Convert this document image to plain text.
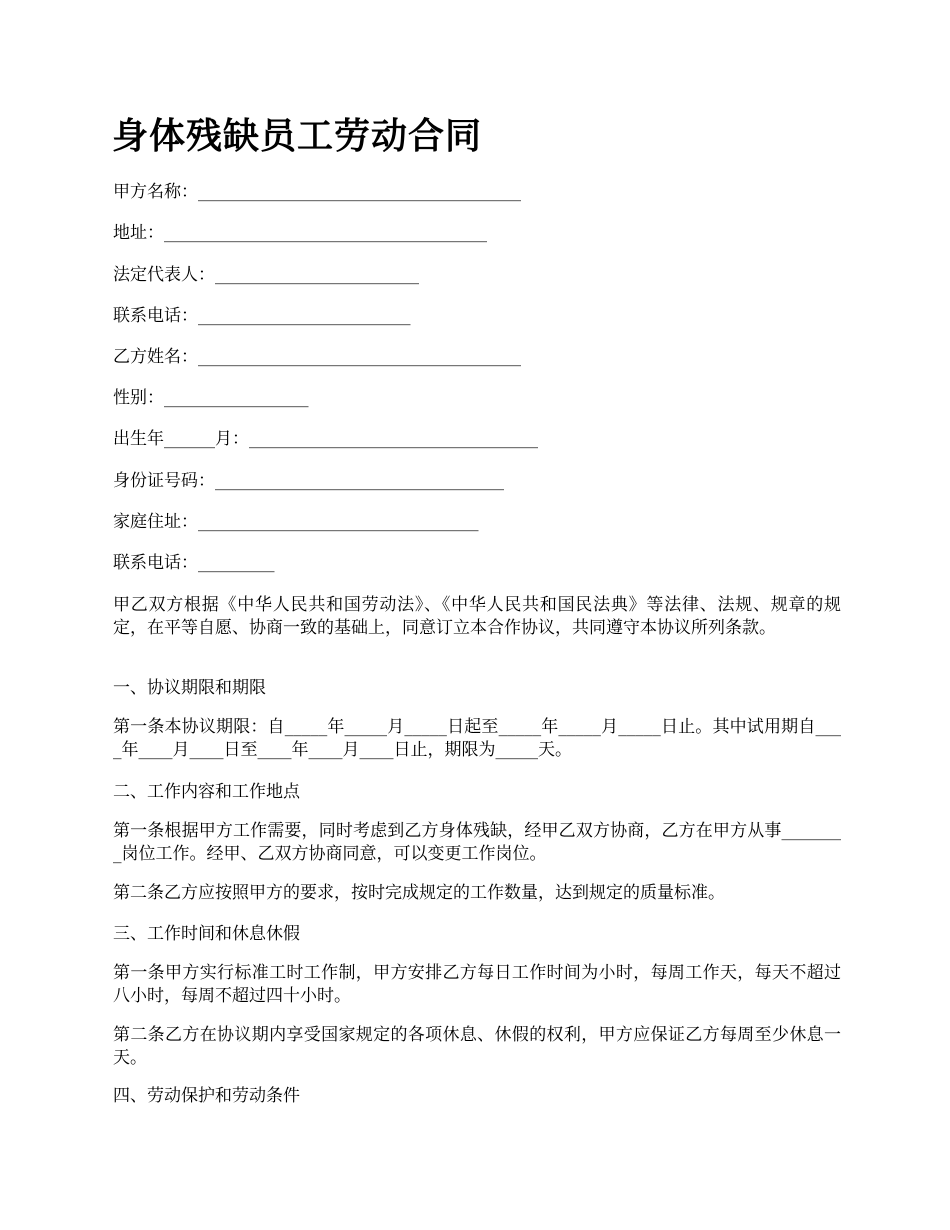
身体残缺员工劳动合同
甲方名称：______________________________________
地址：______________________________________
法定代表人：________________________
联系电话：_________________________
乙方姓名：______________________________________
性别：_________________
出生年______月：__________________________________
身份证号码：__________________________________
家庭住址：_________________________________
联系电话：_________
甲乙双方根据《中华人民共和国劳动法》、《中华人民共和国民法典》等法律、法规、规章的规定，在平等自愿、协商一致的基础上，同意订立本合作协议，共同遵守本协议所列条款。
一、协议期限和期限
第一条本协议期限：自_____年_____月_____日起至_____年_____月_____日止。其中试用期自____年____月____日至____年____月____日止，期限为_____天。
二、工作内容和工作地点
第一条根据甲方工作需要，同时考虑到乙方身体残缺，经甲乙双方协商，乙方在甲方从事________岗位工作。经甲、乙双方协商同意，可以变更工作岗位。
第二条乙方应按照甲方的要求，按时完成规定的工作数量，达到规定的质量标准。
三、工作时间和休息休假
第一条甲方实行标准工时工作制，甲方安排乙方每日工作时间为小时，每周工作天，每天不超过八小时，每周不超过四十小时。
第二条乙方在协议期内享受国家规定的各项休息、休假的权利，甲方应保证乙方每周至少休息一天。
四、劳动保护和劳动条件
